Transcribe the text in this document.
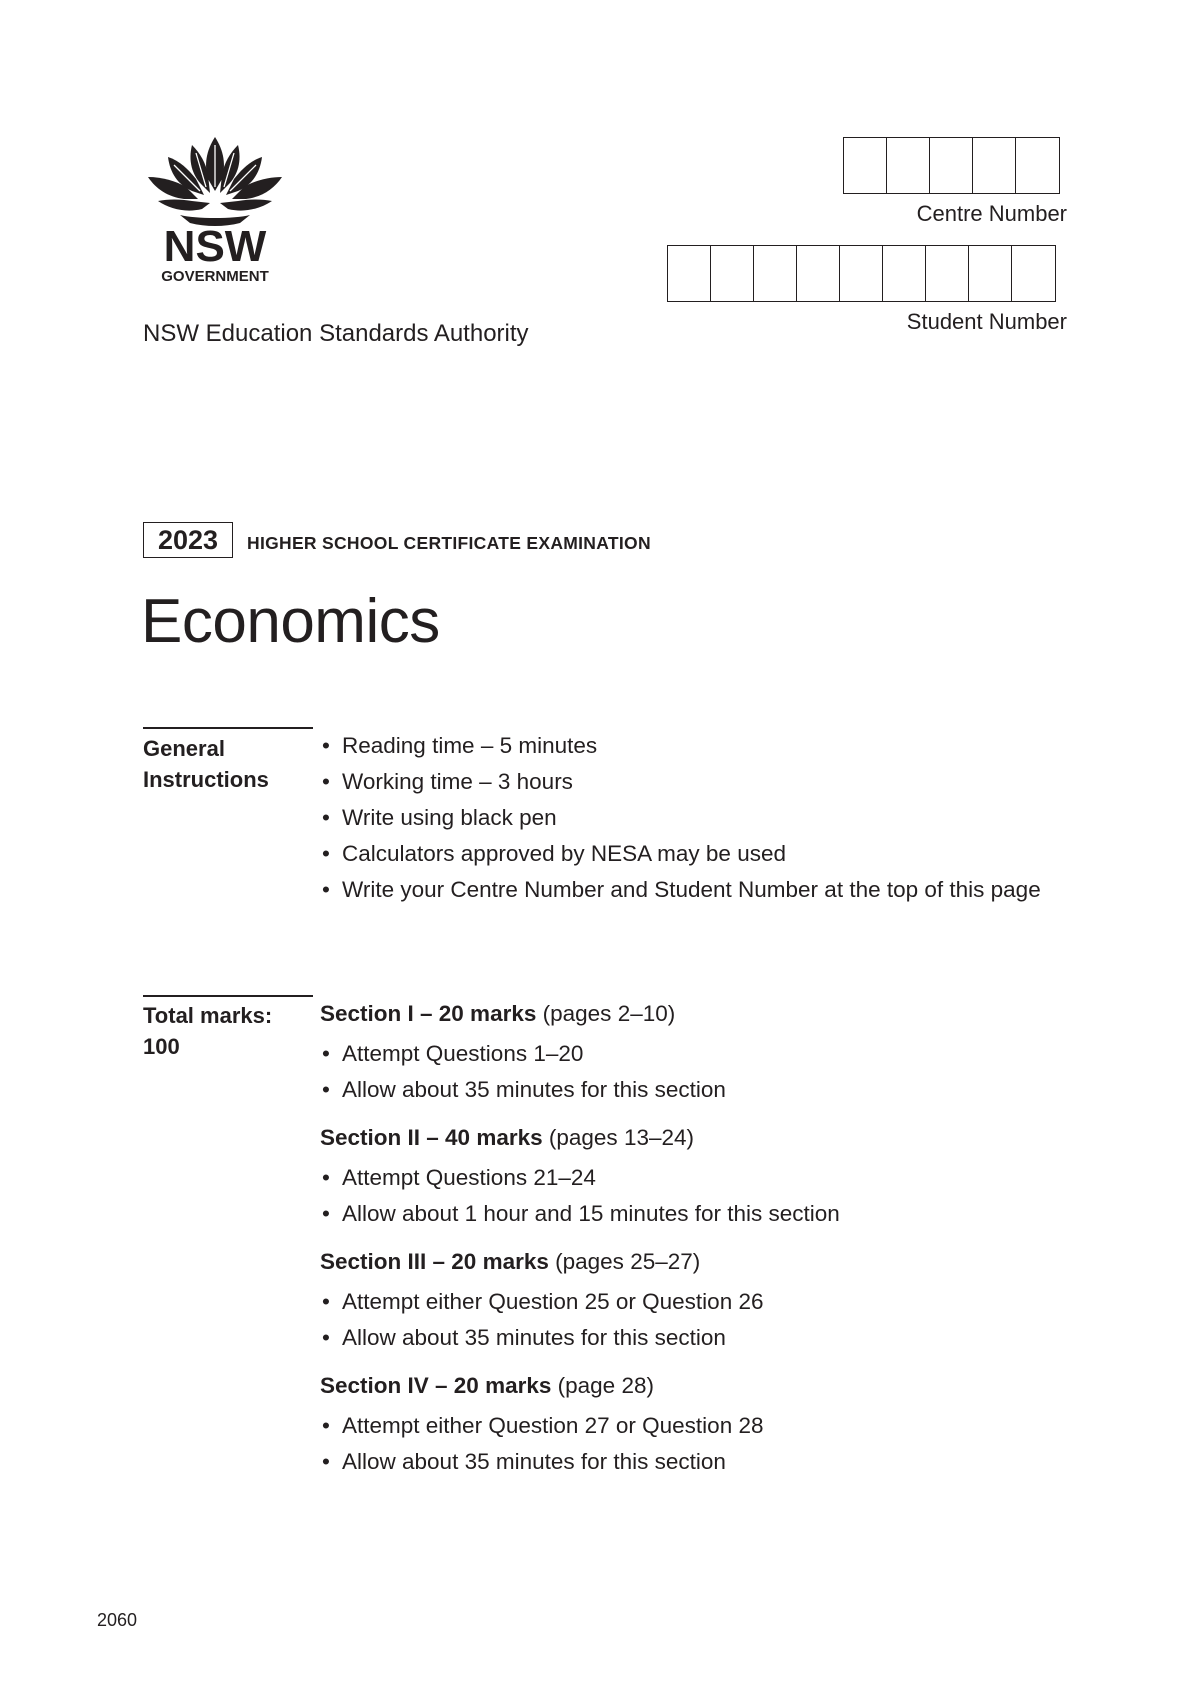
NSW
GOVERNMENT
NSW Education Standards Authority
Centre Number
Student Number
2023	HIGHER SCHOOL CERTIFICATE EXAMINATION
Economics
General
Instructions
• Reading time – 5 minutes
• Working time – 3 hours
• Write using black pen
• Calculators approved by NESA may be used
• Write your Centre Number and Student Number at the top of this page
Total marks:
100
Section I – 20 marks (pages 2–10)
• Attempt Questions 1–20
• Allow about 35 minutes for this section
Section II – 40 marks (pages 13–24)
• Attempt Questions 21–24
• Allow about 1 hour and 15 minutes for this section
Section III – 20 marks (pages 25–27)
• Attempt either Question 25 or Question 26
• Allow about 35 minutes for this section
Section IV – 20 marks (page 28)
• Attempt either Question 27 or Question 28
• Allow about 35 minutes for this section
2060
